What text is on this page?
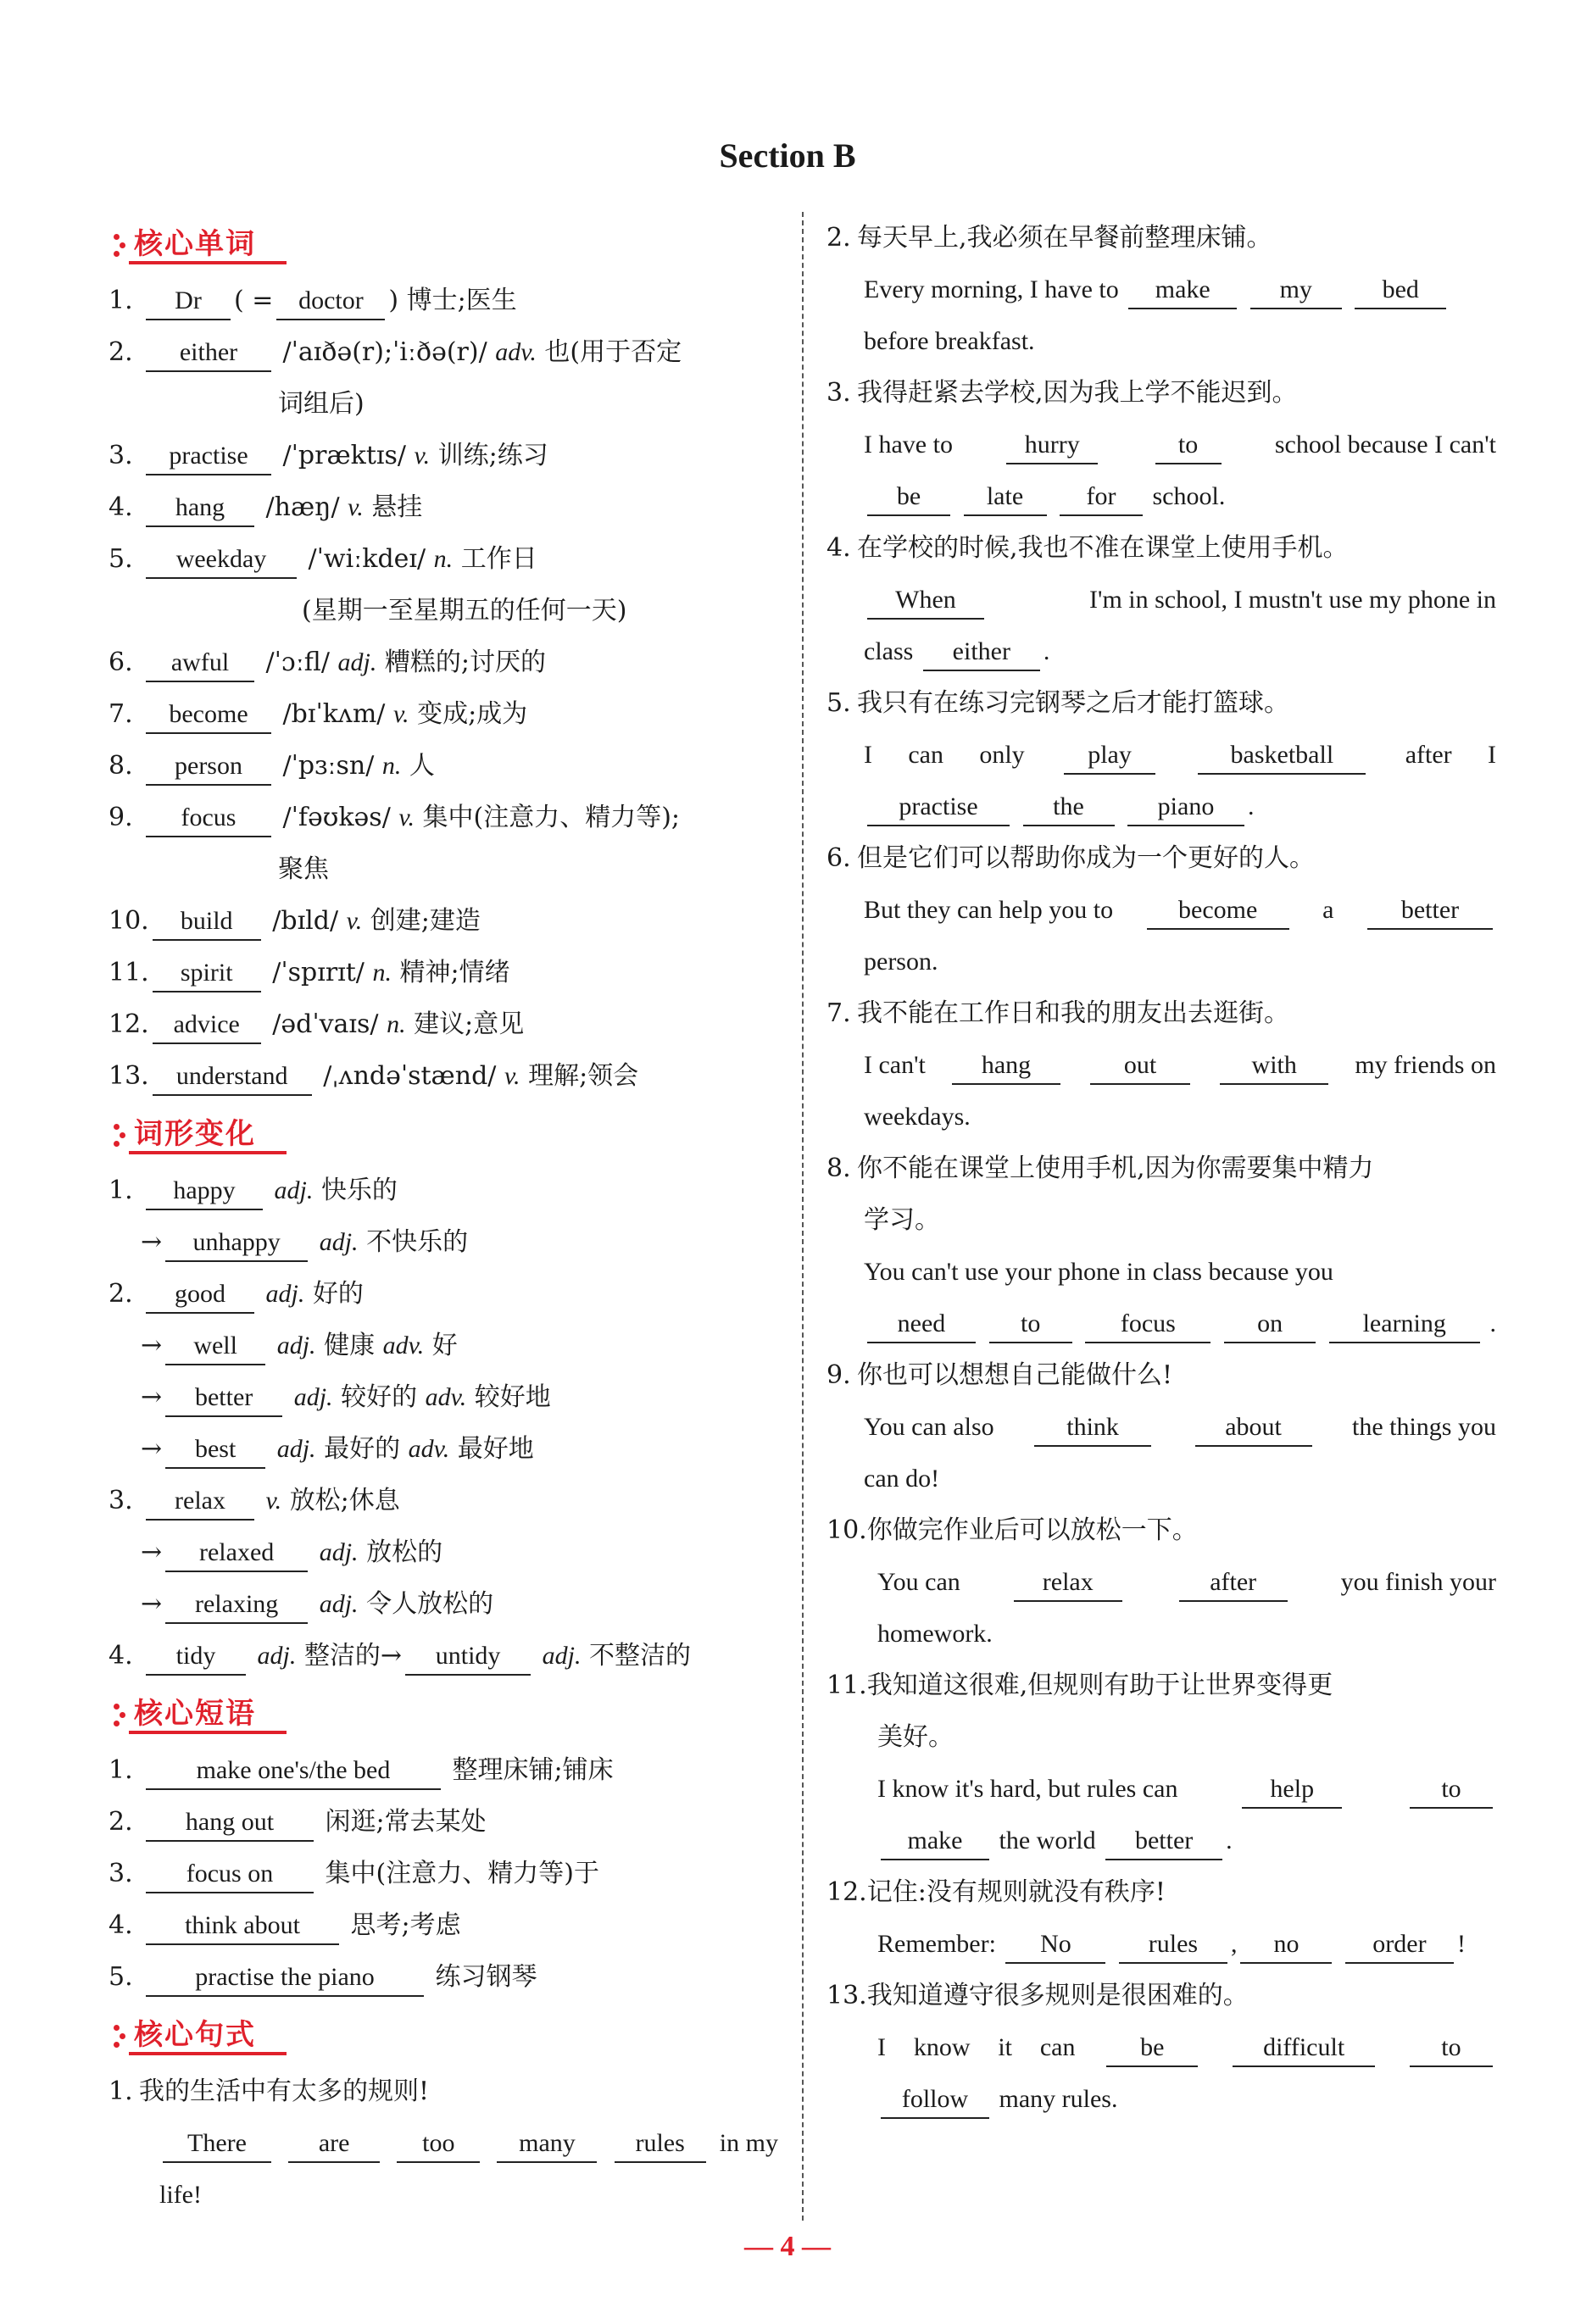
Section B
核心单词
1. Dr ( = doctor ) 博士;医生
2. either /ˈaɪðə(r);ˈiːðə(r)/ adv. 也(用于否定
词组后)
3. practise /ˈpræktɪs/ v. 训练;练习
4. hang /hæŋ/ v. 悬挂
5. weekday /ˈwiːkdeɪ/ n. 工作日
(星期一至星期五的任何一天)
6. awful /ˈɔːfl/ adj. 糟糕的;讨厌的
7. become /bɪˈkʌm/ v. 变成;成为
8. person /ˈpɜːsn/ n. 人
9. focus /ˈfəʊkəs/ v. 集中(注意力、精力等);
聚焦
10. build /bɪld/ v. 创建;建造
11. spirit /ˈspɪrɪt/ n. 精神;情绪
12. advice /ədˈvaɪs/ n. 建议;意见
13. understand /ˌʌndəˈstænd/ v. 理解;领会
词形变化
1. happy adj. 快乐的
→ unhappy adj. 不快乐的
2. good adj. 好的
→ well adj. 健康 adv. 好
→ better adj. 较好的 adv. 较好地
→ best adj. 最好的 adv. 最好地
3. relax v. 放松;休息
→ relaxed adj. 放松的
→ relaxing adj. 令人放松的
4. tidy adj. 整洁的→ untidy adj. 不整洁的
核心短语
1.	make one's/the bed 整理床铺;铺床
2. hang out 闲逛;常去某处
3. focus on 集中(注意力、精力等)于
4. think about 思考;考虑
5. practise the piano 练习钢琴
核心句式
1. 我的生活中有太多的规则!
There	are	too	many	rules	in my
life!
2. 每天早上,我必须在早餐前整理床铺。
Every morning, I have to make	my	bed
before breakfast.
3. 我得赶紧去学校,因为我上学不能迟到。
I have to	hurry	to	school because I can't
be	late for school.
4. 在学校的时候,我也不准在课堂上使用手机。
When	I'm in school, I mustn't use my phone in
class either .
5. 我只有在练习完钢琴之后才能打篮球。
I can only	play	basketball	after I
practise	the	piano .
6. 但是它们可以帮助你成为一个更好的人。
But they can help you to	become	a	better
person.
7. 我不能在工作日和我的朋友出去逛街。
I can't	hang	out	with	my friends on
weekdays.
8. 你不能在课堂上使用手机,因为你需要集中精力
学习。
You can't use your phone in class because you
need	to	focus	on	learning	.
9. 你也可以想想自己能做什么!
You can also	think	about	the things you
can do!
10.你做完作业后可以放松一下。
You can	relax	after	you finish your
homework.
11.我知道这很难,但规则有助于让世界变得更
美好。
I know it's hard, but rules can	help	to
make the world better .
12.记住:没有规则就没有秩序!
Remember: No	rules , no	order !
13.我知道遵守很多规则是很困难的。
I know it can	be	difficult	to
follow many rules.
— 4 —
